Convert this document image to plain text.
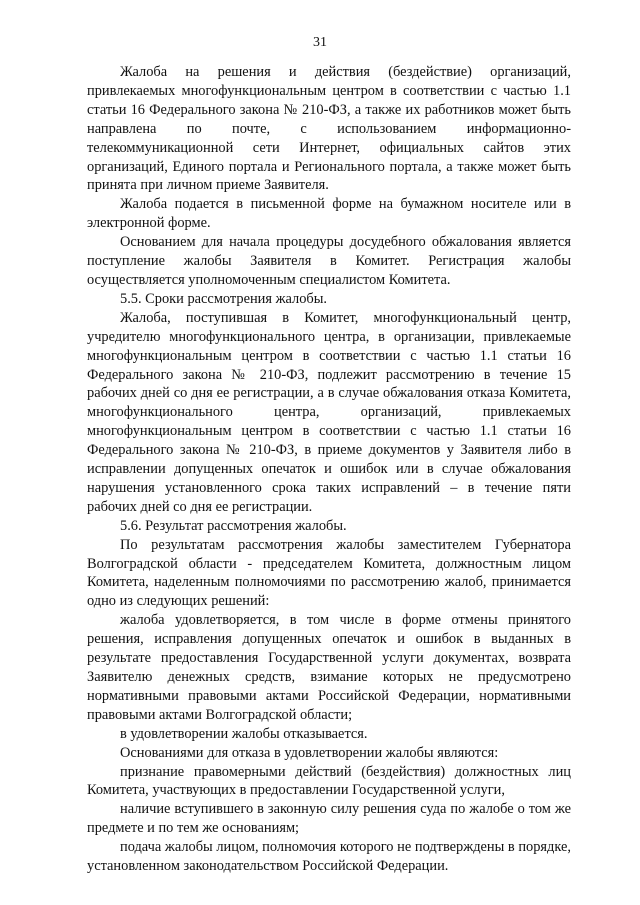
31

Жалоба на решения и действия (бездействие) организаций, привлекаемых многофункциональным центром в соответствии с частью 1.1 статьи 16 Федерального закона № 210-ФЗ, а также их работников может быть направлена по почте, с использованием информационно-телекоммуникационной сети Интернет, официальных сайтов этих организаций, Единого портала и Регионального портала, а также может быть принята при личном приеме Заявителя.

Жалоба подается в письменной форме на бумажном носителе или в электронной форме.

Основанием для начала процедуры досудебного обжалования является поступление жалобы Заявителя в Комитет. Регистрация жалобы осуществляется уполномоченным специалистом Комитета.

5.5. Сроки рассмотрения жалобы.

Жалоба, поступившая в Комитет, многофункциональный центр, учредителю многофункционального центра, в организации, привлекаемые многофункциональным центром в соответствии с частью 1.1 статьи 16 Федерального закона № 210-ФЗ, подлежит рассмотрению в течение 15 рабочих дней со дня ее регистрации, а в случае обжалования отказа Комитета, многофункционального центра, организаций, привлекаемых многофункциональным центром в соответствии с частью 1.1 статьи 16 Федерального закона № 210-ФЗ, в приеме документов у Заявителя либо в исправлении допущенных опечаток и ошибок или в случае обжалования нарушения установленного срока таких исправлений – в течение пяти рабочих дней со дня ее регистрации.

5.6. Результат рассмотрения жалобы.

По результатам рассмотрения жалобы заместителем Губернатора Волгоградской области - председателем Комитета, должностным лицом Комитета, наделенным полномочиями по рассмотрению жалоб, принимается одно из следующих решений:

жалоба удовлетворяется, в том числе в форме отмены принятого решения, исправления допущенных опечаток и ошибок в выданных в результате предоставления Государственной услуги документах, возврата Заявителю денежных средств, взимание которых не предусмотрено нормативными правовыми актами Российской Федерации, нормативными правовыми актами Волгоградской области;

в удовлетворении жалобы отказывается.

Основаниями для отказа в удовлетворении жалобы являются:

признание правомерными действий (бездействия) должностных лиц Комитета, участвующих в предоставлении Государственной услуги,

наличие вступившего в законную силу решения суда по жалобе о том же предмете и по тем же основаниям;

подача жалобы лицом, полномочия которого не подтверждены в порядке, установленном законодательством Российской Федерации.
